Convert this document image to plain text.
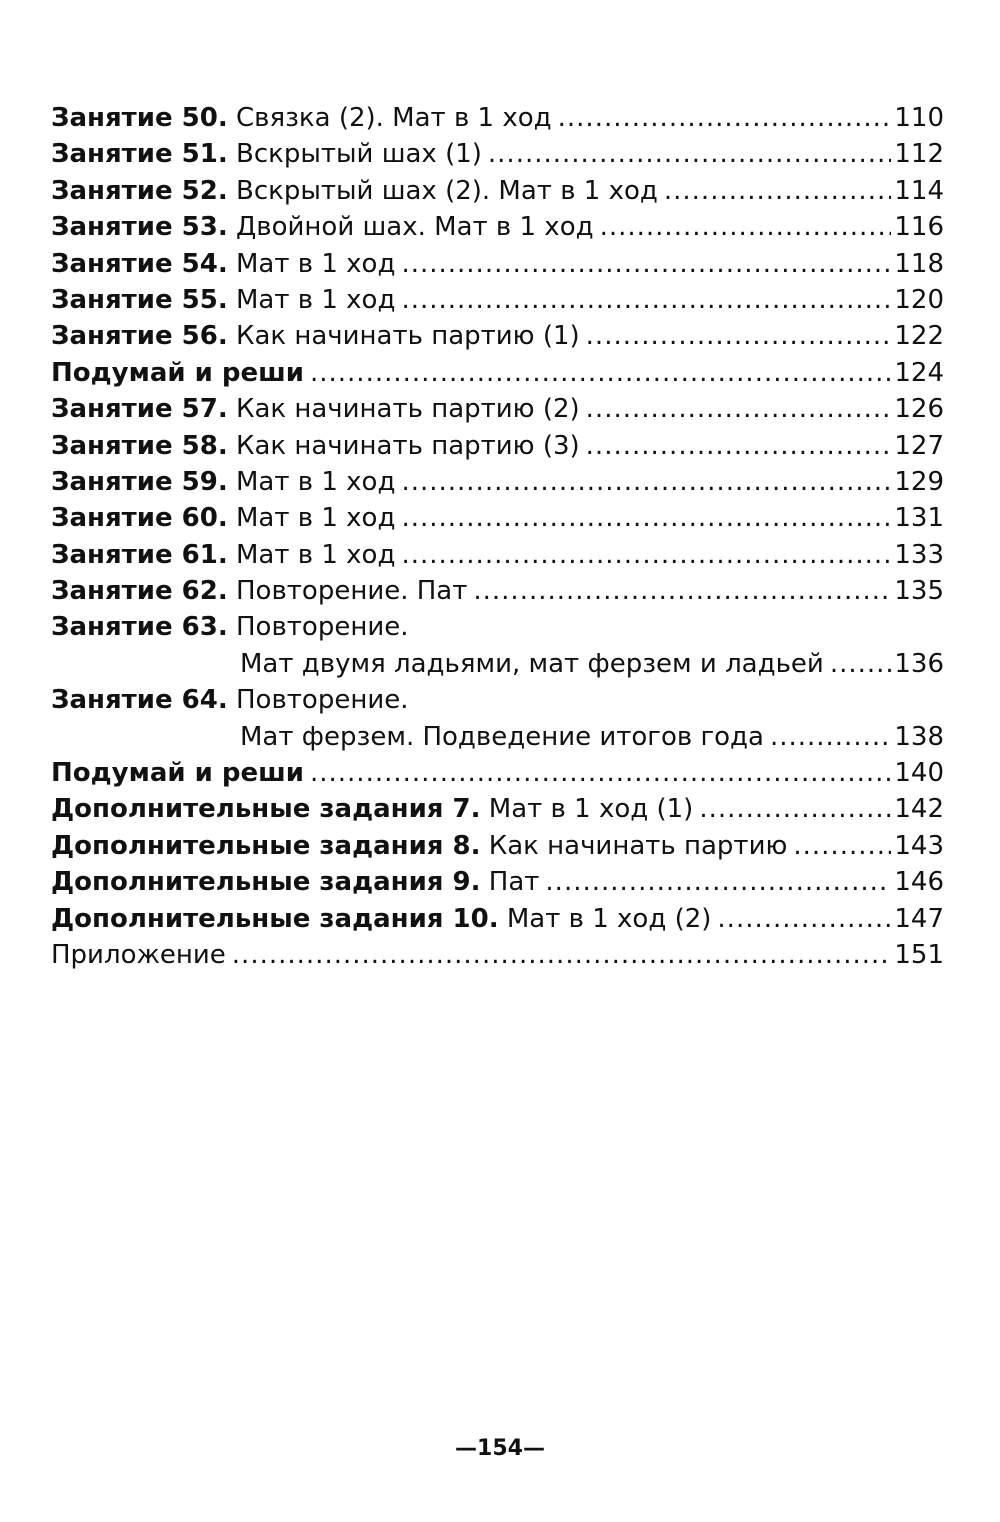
Занятие 50. Связка (2). Мат в 1 ход .....	110
Занятие 51. Вскрытый шах (1) .....	112
Занятие 52. Вскрытый шах (2). Мат в 1 ход .....	114
Занятие 53. Двойной шах. Мат в 1 ход .....	116
Занятие 54. Мат в 1 ход .....	118
Занятие 55. Мат в 1 ход .....	120
Занятие 56. Как начинать партию (1) .....	122
Подумай и реши .....	124
Занятие 57. Как начинать партию (2) .....	126
Занятие 58. Как начинать партию (3) .....	127
Занятие 59. Мат в 1 ход .....	129
Занятие 60. Мат в 1 ход .....	131
Занятие 61. Мат в 1 ход .....	133
Занятие 62. Повторение. Пат .....	135
Занятие 63. Повторение.
Мат двумя ладьями, мат ферзем и ладьей .....	136
Занятие 64. Повторение.
Мат ферзем. Подведение итогов года .....	138
Подумай и реши .....	140
Дополнительные задания 7. Мат в 1 ход (1) .....	142
Дополнительные задания 8. Как начинать партию .....	143
Дополнительные задания 9. Пат .....	146
Дополнительные задания 10. Мат в 1 ход (2) .....	147
Приложение .....	151
—154—
